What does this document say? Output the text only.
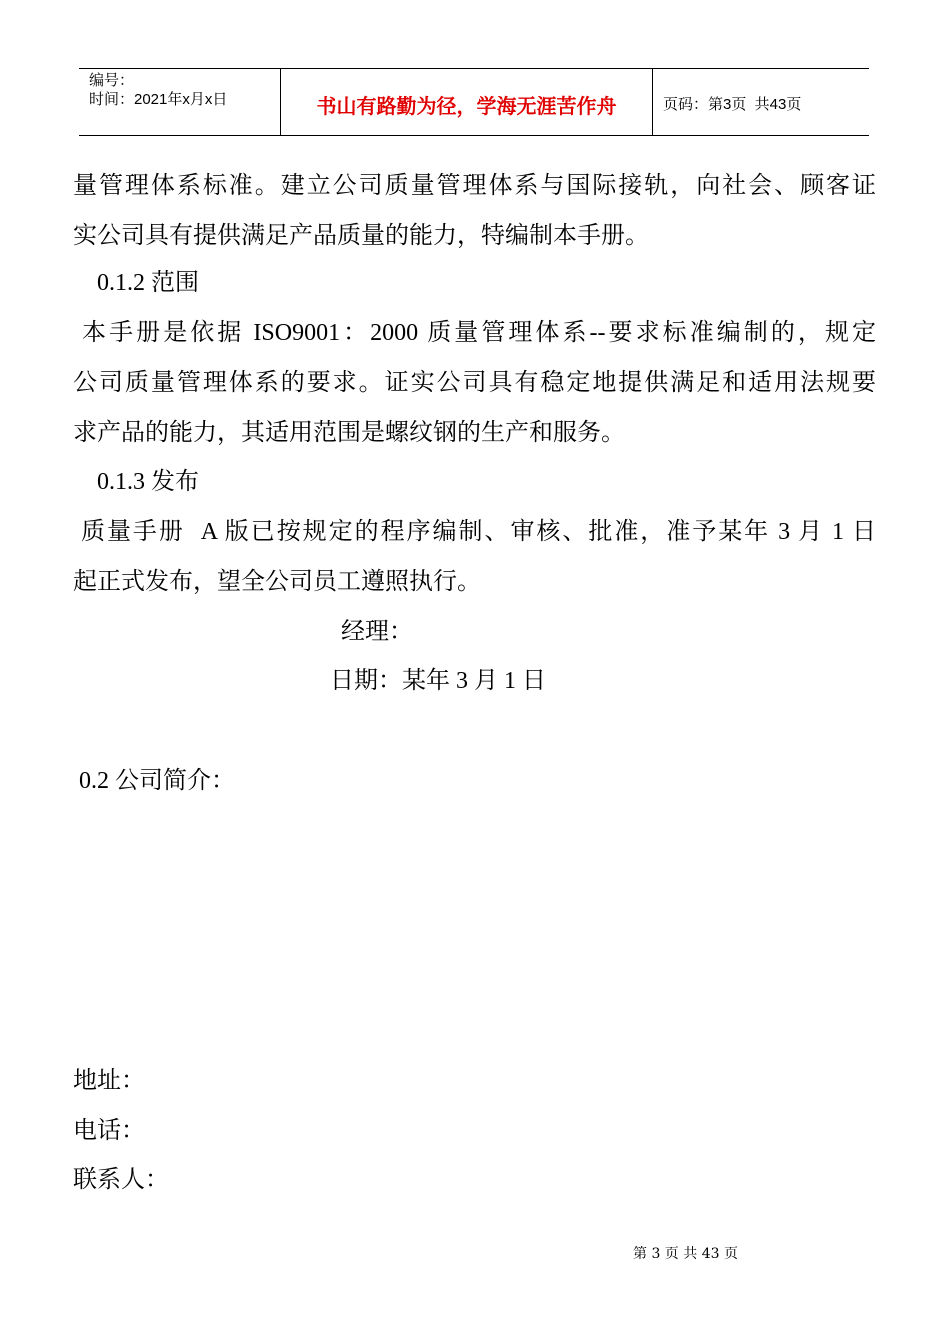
编号：
时间：2021年x月x日	书山有路勤为径，学海无涯苦作舟	页码：第3页  共43页
量管理体系标准。建立公司质量管理体系与国际接轨，向社会、顾客证
实公司具有提供满足产品质量的能力，特编制本手册。
0.1.2 范围
本手册是依据 ISO9001：2000 质量管理体系--要求标准编制的，规定
公司质量管理体系的要求。证实公司具有稳定地提供满足和适用法规要
求产品的能力，其适用范围是螺纹钢的生产和服务。
0.1.3 发布
质量手册  A 版已按规定的程序编制、审核、批准，准予某年 3 月 1 日
起正式发布，望全公司员工遵照执行。
经理：
日期：某年 3 月 1 日
0.2 公司简介：
地址：
电话：
联系人：
第 3 页 共 43 页
